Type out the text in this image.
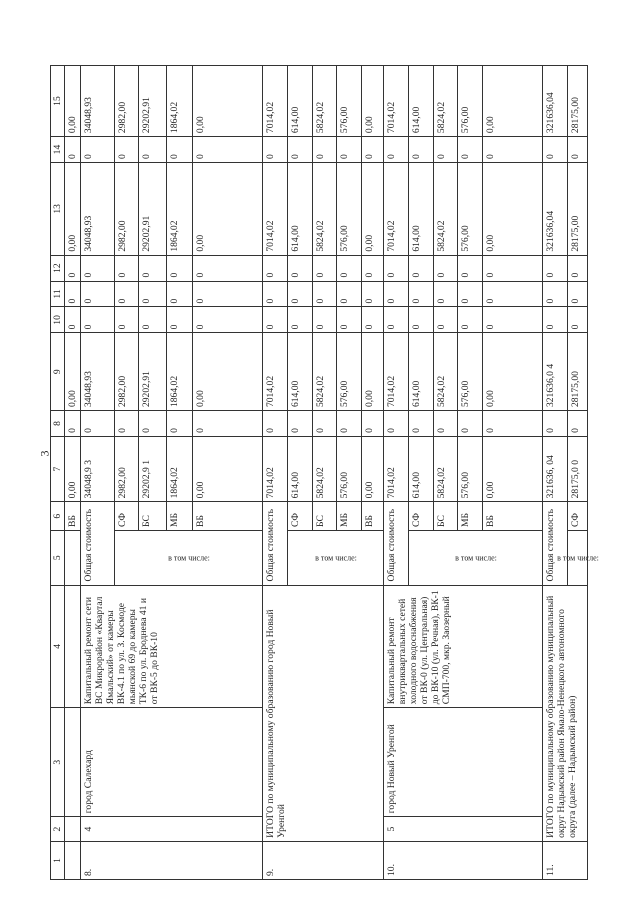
3
1	2	3	4	5	6	7	8	9	10	11	12	13	14	15
					ВБ	0,00	0	0,00	0	0	0	0,00	0	0,00
8.	4	город Салехард	Капитальный ремонт сети ВС Микрорайон «Квартал Ямальский» от камеры ВК-4.1 по ул. З. Космоде мьянской 69 до камеры ТК-6 по ул. Броднева 41 и от ВК-5 до ВК-10	Общая стоимость		34048,9 3	0	34048,93	0	0	0	34048,93	0	34048,93

				в том числе:	СФ	2982,00	0	2982,00	0	0	0	2982,00	0	2982,00
					БС	29202,9 1	0	29202,91	0	0	0	29202,91	0	29202,91
					МБ	1864,02	0	1864,02	0	0	0	1864,02	0	1864,02
					ВБ	0,00	0	0,00	0	0	0	0,00	0	0,00
9.	ИТОГО по муниципальному образованию город Новый Уренгой			Общая стоимость		7014,02	0	7014,02	0	0	0	7014,02	0	7014,02

				в том числе:	СФ	614,00	0	614,00	0	0	0	614,00	0	614,00
					БС	5824,02	0	5824,02	0	0	0	5824,02	0	5824,02
					МБ	576,00	0	576,00	0	0	0	576,00	0	576,00
					ВБ	0,00	0	0,00	0	0	0	0,00	0	0,00
10.	5	город Новый Уренгой	Капитальный ремонт внутриквартальных сетей холодного водоснабжения от ВК-0 (ул. Центральная) до ВК-10 (ул. Речная), ВК-1 СМП-700, мкр. Заозерный	Общая стоимость		7014,02	0	7014,02	0	0	0	7014,02	0	7014,02

				в том числе:	СФ	614,00	0	614,00	0	0	0	614,00	0	614,00
					БС	5824,02	0	5824,02	0	0	0	5824,02	0	5824,02
					МБ	576,00	0	576,00	0	0	0	576,00	0	576,00
					ВБ	0,00	0	0,00	0	0	0	0,00	0	0,00
11.	ИТОГО по муниципальному образованию муниципальный округ Надымский район Ямало-Ненецкого автономного округа (далее – Надымский район)			Общая стоимость		321636, 04	0	321636,0 4	0	0	0	321636,04	0	321636,04

				в том числе:	СФ	28175,0 0	0	28175,00	0	0	0	28175,00	0	28175,00
